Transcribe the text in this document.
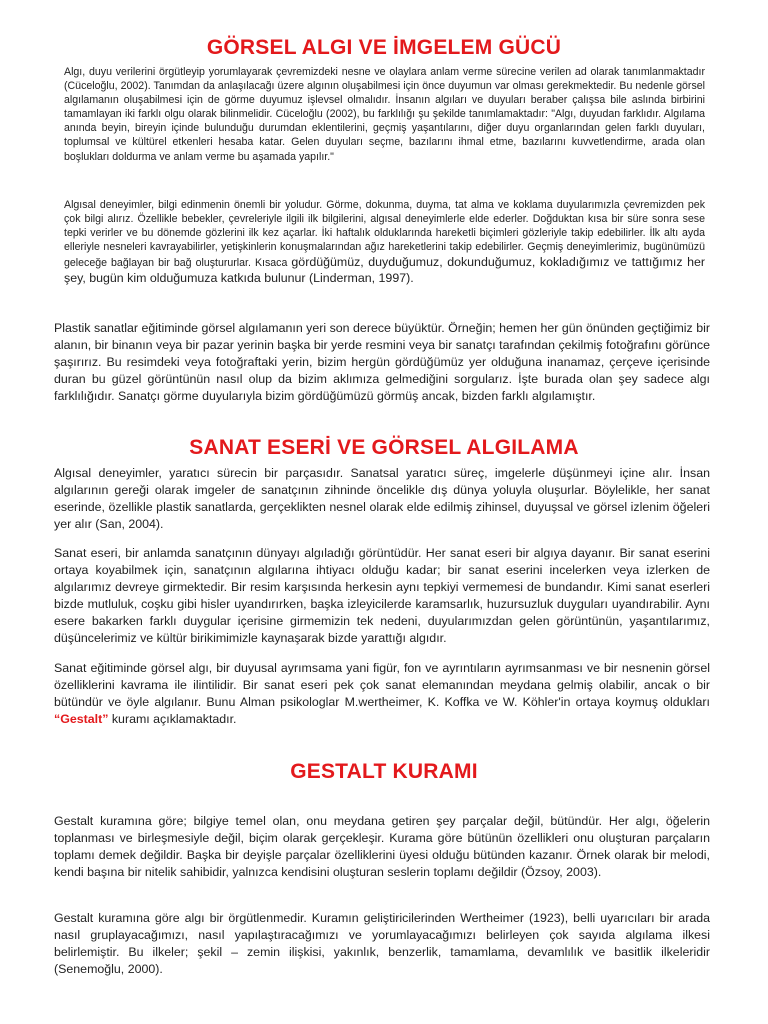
GÖRSEL ALGI VE İMGELEM GÜCÜ

Algı, duyu verilerini örgütleyip yorumlayarak çevremizdeki nesne ve olaylara anlam verme sürecine verilen ad olarak tanımlanmaktadır (Cüceloğlu, 2002). Tanımdan da anlaşılacağı üzere algının oluşabilmesi için önce duyumun var olması gerekmektedir. Bu nedenle görsel algılamanın oluşabilmesi için de görme duyumuz işlevsel olmalıdır. İnsanın algıları ve duyuları beraber çalışsa bile aslında birbirini tamamlayan iki farklı olgu olarak bilinmelidir. Cüceloğlu (2002), bu farklılığı şu şekilde tanımlamaktadır: "Algı, duyudan farklıdır. Algılama anında beyin, bireyin içinde bulunduğu durumdan eklentilerini, geçmiş yaşantılarını, diğer duyu organlarından gelen farklı duyuları, toplumsal ve kültürel etkenleri hesaba katar. Gelen duyuları seçme, bazılarını ihmal etme, bazılarını kuvvetlendirme, arada olan boşlukları doldurma ve anlam verme bu aşamada yapılır."

Algısal deneyimler, bilgi edinmenin önemli bir yoludur. Görme, dokunma, duyma, tat alma ve koklama duyularımızla çevremizden pek çok bilgi alırız. Özellikle bebekler, çevreleriyle ilgili ilk bilgilerini, algısal deneyimlerle elde ederler. Doğduktan kısa bir süre sonra sese tepki verirler ve bu dönemde gözlerini ilk kez açarlar. İki haftalık olduklarında hareketli biçimleri gözleriyle takip edebilirler. İlk altı ayda elleriyle nesneleri kavrayabilirler, yetişkinlerin konuşmalarından ağız hareketlerini takip edebilirler. Geçmiş deneyimlerimiz, bugünümüzü geleceğe bağlayan bir bağ oluştururlar. Kısaca gördüğümüz, duyduğumuz, dokunduğumuz, kokladığımız ve tattığımız her şey, bugün kim olduğumuza katkıda bulunur (Linderman, 1997).

Plastik sanatlar eğitiminde görsel algılamanın yeri son derece büyüktür. Örneğin; hemen her gün önünden geçtiğimiz bir alanın, bir binanın veya bir pazar yerinin başka bir yerde resmini veya bir sanatçı tarafından çekilmiş fotoğrafını görünce şaşırırız. Bu resimdeki veya fotoğraftaki yerin, bizim hergün gördüğümüz yer olduğuna inanamaz, çerçeve içerisinde duran bu güzel görüntünün nasıl olup da bizim aklımıza gelmediğini sorgularız. İşte burada olan şey sadece algı farklılığıdır. Sanatçı görme duyularıyla bizim gördüğümüzü görmüş ancak, bizden farklı algılamıştır.

SANAT ESERİ VE GÖRSEL ALGILAMA

Algısal deneyimler, yaratıcı sürecin bir parçasıdır. Sanatsal yaratıcı süreç, imgelerle düşünmeyi içine alır. İnsan algılarının gereği olarak imgeler de sanatçının zihninde öncelikle dış dünya yoluyla oluşurlar. Böylelikle, her sanat eserinde, özellikle plastik sanatlarda, gerçeklikten nesnel olarak elde edilmiş zihinsel, duyuşsal ve görsel izlenim öğeleri yer alır (San, 2004).

Sanat eseri, bir anlamda sanatçının dünyayı algıladığı görüntüdür. Her sanat eseri bir algıya dayanır. Bir sanat eserini ortaya koyabilmek için, sanatçının algılarına ihtiyacı olduğu kadar; bir sanat eserini incelerken veya izlerken de algılarımız devreye girmektedir. Bir resim karşısında herkesin aynı tepkiyi vermemesi de bundandır. Kimi sanat eserleri bizde mutluluk, coşku gibi hisler uyandırırken, başka izleyicilerde karamsarlık, huzursuzluk duyguları uyandırabilir. Aynı esere bakarken farklı duygular içerisine girmemizin tek nedeni, duyularımızdan gelen görüntünün, yaşantılarımız, düşüncelerimiz ve kültür birikimimizle kaynaşarak bizde yarattığı algıdır.

Sanat eğitiminde görsel algı, bir duyusal ayrımsama yani figür, fon ve ayrıntıların ayrımsanması ve bir nesnenin görsel özelliklerini kavrama ile ilintilidir. Bir sanat eseri pek çok sanat elemanından meydana gelmiş olabilir, ancak o bir bütündür ve öyle algılanır. Bunu Alman psikologlar M.wertheimer, K. Koffka ve W. Köhler'in ortaya koymuş oldukları “Gestalt” kuramı açıklamaktadır.

GESTALT KURAMI

Gestalt kuramına göre; bilgiye temel olan, onu meydana getiren şey parçalar değil, bütündür. Her algı, öğelerin toplanması ve birleşmesiyle değil, biçim olarak gerçekleşir. Kurama göre bütünün özellikleri onu oluşturan parçaların toplamı demek değildir. Başka bir deyişle parçalar özelliklerini üyesi olduğu bütünden kazanır. Örnek olarak bir melodi, kendi başına bir nitelik sahibidir, yalnızca kendisini oluşturan seslerin toplamı değildir (Özsoy, 2003).

Gestalt kuramına göre algı bir örgütlenmedir. Kuramın geliştiricilerinden Wertheimer (1923), belli uyarıcıları bir arada nasıl gruplayacağımızı, nasıl yapılaştıracağımızı ve yorumlayacağımızı belirleyen çok sayıda algılama ilkesi belirlemiştir. Bu ilkeler; şekil – zemin ilişkisi, yakınlık, benzerlik, tamamlama, devamlılık ve basitlik ilkeleridir (Senemoğlu, 2000).
